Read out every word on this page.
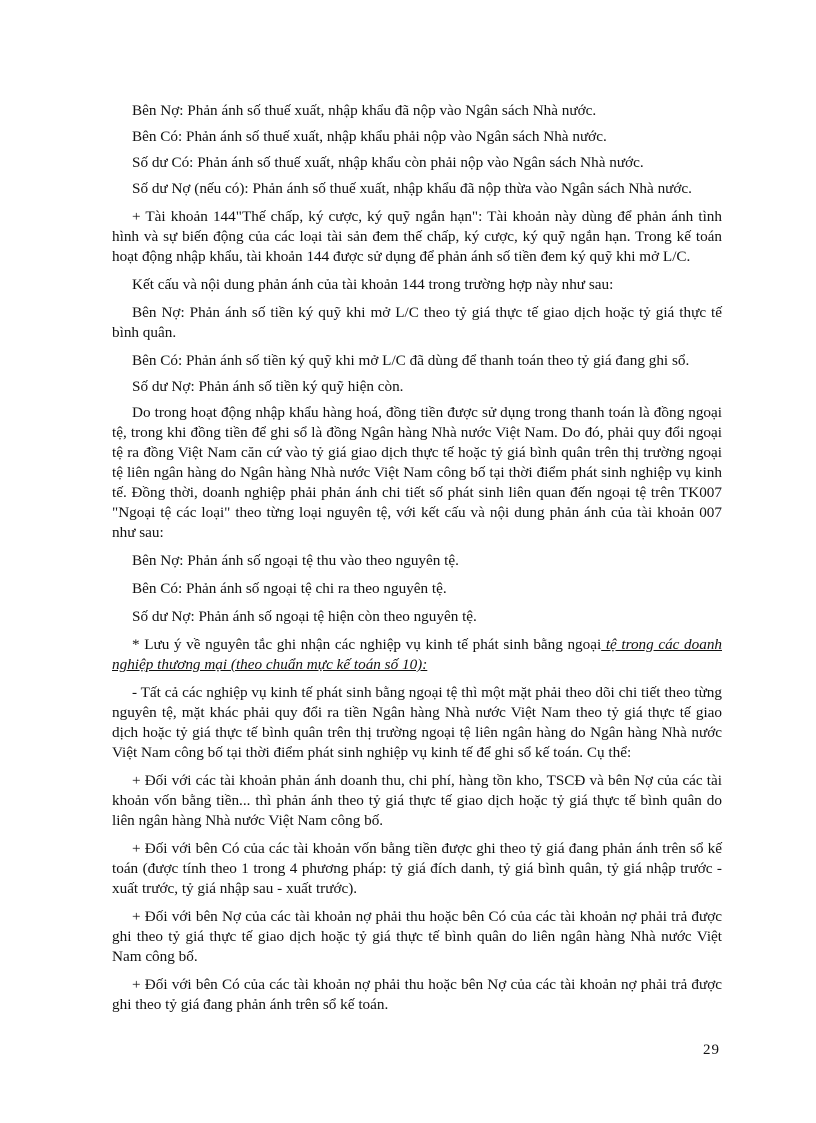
Bên Nợ: Phản ánh số thuế xuất, nhập khẩu đã nộp vào Ngân sách Nhà nước.

Bên Có: Phản ánh số thuế xuất, nhập khẩu phải nộp vào Ngân sách Nhà nước.

Số dư Có: Phản ánh số thuế xuất, nhập khẩu còn phải nộp vào Ngân sách Nhà nước.

Số dư Nợ (nếu có): Phản ánh số thuế xuất, nhập khẩu đã nộp thừa vào Ngân sách Nhà nước.

+ Tài khoản 144"Thế chấp, ký cược, ký quỹ ngắn hạn": Tài khoản này dùng để phản ánh tình hình và sự biến động của các loại tài sản đem thế chấp, ký cược, ký quỹ ngắn hạn. Trong kế toán hoạt động nhập khẩu, tài khoản 144 được sử dụng để phản ánh số tiền đem ký quỹ khi mở L/C.

Kết cấu và nội dung phản ánh của tài khoản 144 trong trường hợp này như sau:

Bên Nợ: Phản ánh số tiền ký quỹ khi mở L/C theo tỷ giá thực tế giao dịch hoặc tỷ giá thực tế bình quân.

Bên Có: Phản ánh số tiền ký quỹ khi mở L/C đã dùng để thanh toán theo tỷ giá đang ghi sổ.

Số dư Nợ: Phản ánh số tiền ký quỹ hiện còn.

Do trong hoạt động nhập khẩu hàng hoá, đồng tiền được sử dụng trong thanh toán là đồng ngoại tệ, trong khi đồng tiền để ghi sổ là đồng Ngân hàng Nhà nước Việt Nam. Do đó, phải quy đổi ngoại tệ ra đồng Việt Nam căn cứ vào tỷ giá giao dịch thực tế hoặc tỷ giá bình quân trên thị trường ngoại tệ liên ngân hàng do Ngân hàng Nhà nước Việt Nam công bố tại thời điểm phát sinh nghiệp vụ kinh tế. Đồng thời, doanh nghiệp phải phản ánh chi tiết số phát sinh liên quan đến ngoại tệ trên TK007 "Ngoại tệ các loại" theo từng loại nguyên tệ, với kết cấu và nội dung phản ánh của tài khoản 007 như sau:

Bên Nợ: Phản ánh số ngoại tệ thu vào theo nguyên tệ.

Bên Có: Phản ánh số ngoại tệ chi ra theo nguyên tệ.

Số dư Nợ: Phản ánh số ngoại tệ hiện còn theo nguyên tệ.

* Lưu ý về nguyên tắc ghi nhận các nghiệp vụ kinh tế phát sinh bằng ngoại tệ trong các doanh nghiệp thương mại (theo chuẩn mực kế toán số 10):

- Tất cả các nghiệp vụ kinh tế phát sinh bằng ngoại tệ thì một mặt phải theo dõi chi tiết theo từng nguyên tệ, mặt khác phải quy đổi ra tiền Ngân hàng Nhà nước Việt Nam theo tỷ giá thực tế giao dịch hoặc tỷ giá thực tế bình quân trên thị trường ngoại tệ liên ngân hàng do Ngân hàng Nhà nước Việt Nam công bố tại thời điểm phát sinh nghiệp vụ kinh tế để ghi sổ kế toán. Cụ thể:

+ Đối với các tài khoản phản ánh doanh thu, chi phí, hàng tồn kho, TSCĐ và bên Nợ của các tài khoản vốn bằng tiền... thì phản ánh theo tỷ giá thực tế giao dịch hoặc tỷ giá thực tế bình quân do liên ngân hàng Nhà nước Việt Nam công bố.

+ Đối với bên Có của các tài khoản vốn bằng tiền được ghi theo tỷ giá đang phản ánh trên sổ kế toán (được tính theo 1 trong 4 phương pháp: tỷ giá đích danh, tỷ giá bình quân, tỷ giá nhập trước - xuất trước, tỷ giá nhập sau - xuất trước).

+ Đối với bên Nợ của các tài khoản nợ phải thu hoặc bên Có của các tài khoản nợ phải trả được ghi theo tỷ giá thực tế giao dịch hoặc tỷ giá thực tế bình quân do liên ngân hàng Nhà nước Việt Nam công bố.

+ Đối với bên Có của các tài khoản nợ phải thu hoặc bên Nợ của các tài khoản nợ phải trả được ghi theo tỷ giá đang phản ánh trên sổ kế toán.

29
